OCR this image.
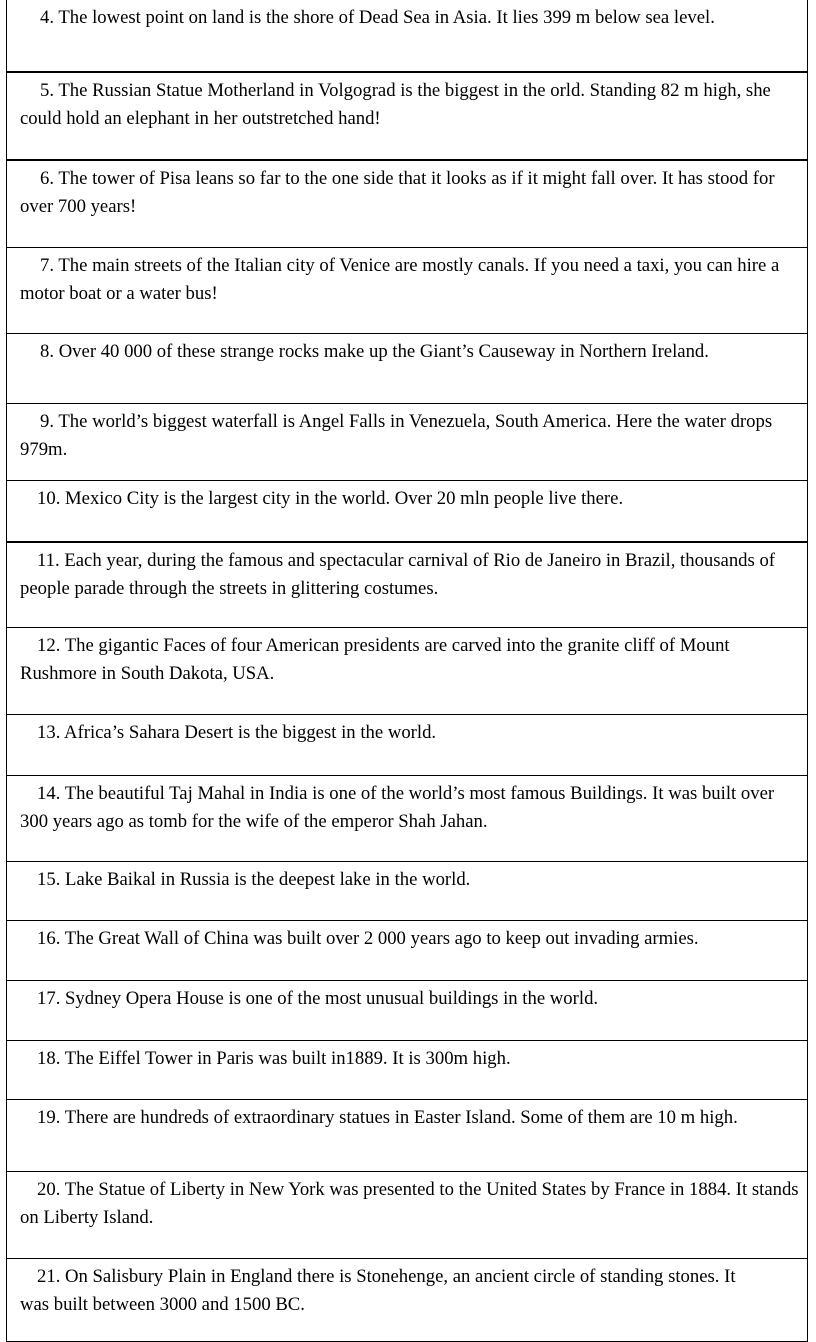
4. The lowest point on land is the shore of Dead Sea in Asia. It lies 399 m below sea level.

5. The Russian Statue Motherland in Volgograd is the biggest in the orld. Standing 82 m high, she could hold an elephant in her outstretched hand!

6. The tower of Pisa leans so far to the one side that it looks as if it might fall over. It has stood for over 700 years!

7. The main streets of the Italian city of Venice are mostly canals. If you need a taxi, you can hire a motor boat or a water bus!

8. Over 40 000 of these strange rocks make up the Giant’s Causeway in Northern Ireland.

9. The world’s biggest waterfall is Angel Falls in Venezuela, South America. Here the water drops 979m.

10. Mexico City is the largest city in the world. Over 20 mln people live there.

11. Each year, during the famous and spectacular carnival of Rio de Janeiro in Brazil, thousands of people parade through the streets in glittering costumes.

12. The gigantic Faces of four American presidents are carved into the granite cliff of Mount Rushmore in South Dakota, USA.

13. Africa’s Sahara Desert is the biggest in the world.

14. The beautiful Taj Mahal in India is one of the world’s most famous Buildings. It was built over 300 years ago as tomb for the wife of the emperor Shah Jahan.

15. Lake Baikal in Russia is the deepest lake in the world.

16. The Great Wall of China was built over 2 000 years ago to keep out invading armies.

17. Sydney Opera House is one of the most unusual buildings in the world.

18. The Eiffel Tower in Paris was built in1889. It is 300m high.

19. There are hundreds of extraordinary statues in Easter Island. Some of them are 10 m high.

20. The Statue of Liberty in New York was presented to the United States by France in 1884. It stands on Liberty Island.

21. On Salisbury Plain in England there is Stonehenge, an ancient circle of standing stones. It was built between 3000 and 1500 BC.
